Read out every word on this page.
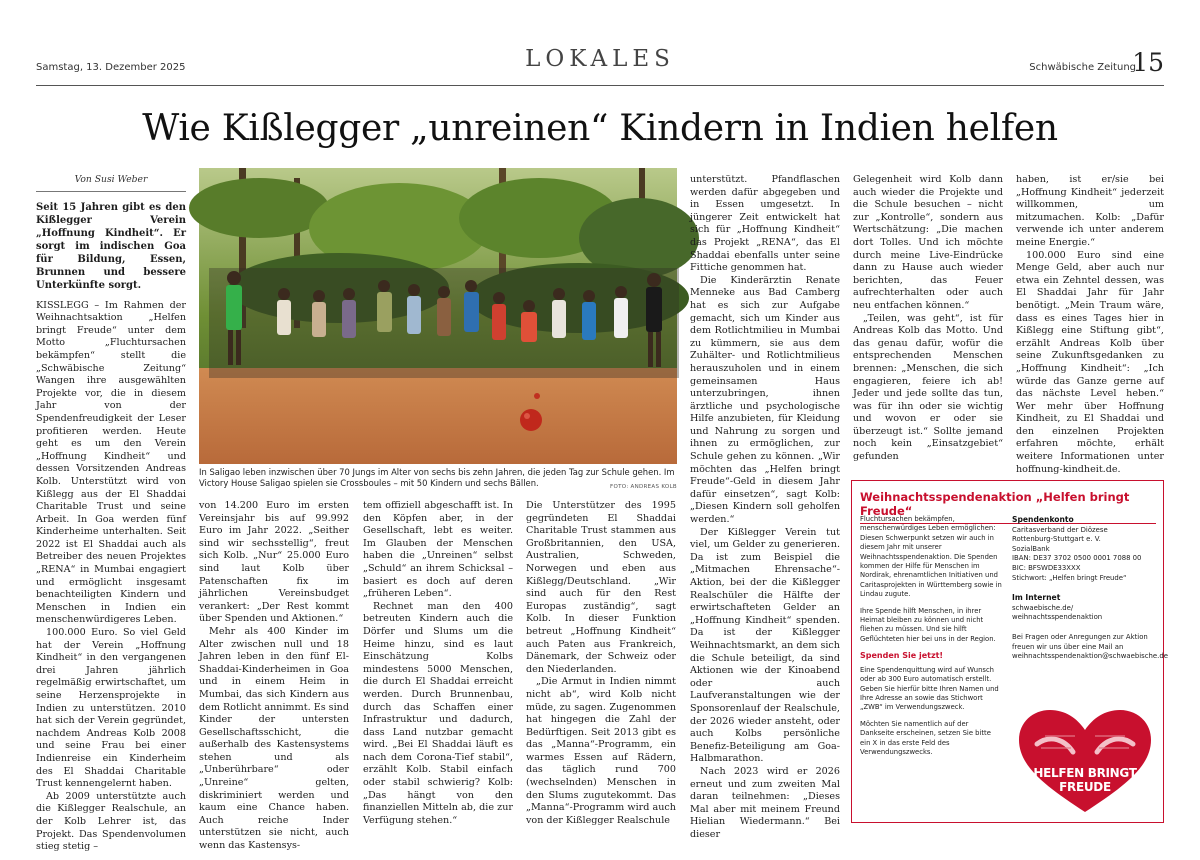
Samstag, 13. Dezember 2025	LOKALES	Schwäbische Zeitung
15
Wie Kißlegger „unreinen“ Kindern in Indien helfen
Von Susi Weber
Seit 15 Jahren gibt es den Kißlegger Verein „Hoffnung Kindheit“. Er sorgt im indischen Goa für Bildung, Essen, Brunnen und bessere Unterkünfte sorgt.

KISSLEGG – Im Rahmen der Weihnachtsaktion „Helfen bringt Freude“ unter dem Motto „Fluchtursachen bekämpfen“ stellt die „Schwäbische Zeitung“ Wangen ihre ausgewählten Projekte vor, die in diesem Jahr von der Spendenfreudigkeit der Leser profitieren werden. Heute geht es um den Verein „Hoffnung Kindheit“ und dessen Vorsitzenden Andreas Kolb. Unterstützt wird von Kißlegg aus der El Shaddai Charitable Trust und seine Arbeit. In Goa werden fünf Kinderheime unterhalten. Seit 2022 ist El Shaddai auch als Betreiber des neuen Projektes „RENA“ in Mumbai engagiert und ermöglicht insgesamt benachteiligten Kindern und Menschen in Indien ein menschenwürdigeres Leben.

100.000 Euro. So viel Geld hat der Verein „Hoffnung Kindheit“ in den vergangenen drei Jahren jährlich regelmäßig erwirtschaftet, um seine Herzensprojekte in Indien zu unterstützen. 2010 hat sich der Verein gegründet, nachdem Andreas Kolb 2008 und seine Frau bei einer Indienreise ein Kinderheim des El Shaddai Charitable Trust kennengelernt haben.

Ab 2009 unterstützte auch die Kißlegger Realschule, an der Kolb Lehrer ist, das Projekt. Das Spendenvolumen stieg stetig –

In Saligao leben inzwischen über 70 Jungs im Alter von sechs bis zehn Jahren, die jeden Tag zur Schule gehen. Im Victory House Saligao spielen sie Crossboules – mit 50 Kindern und sechs Bällen.	FOTO: ANDREAS KOLB

von 14.200 Euro im ersten Vereinsjahr bis auf 99.992 Euro im Jahr 2022. „Seither sind wir sechsstellig“, freut sich Kolb. „Nur“ 25.000 Euro sind laut Kolb über Patenschaften fix im jährlichen Vereinsbudget verankert: „Der Rest kommt über Spenden und Aktionen.“

Mehr als 400 Kinder im Alter zwischen null und 18 Jahren leben in den fünf El-Shaddai-Kinderheimen in Goa und in einem Heim in Mumbai, das sich Kindern aus dem Rotlicht annimmt. Es sind Kinder der untersten Gesellschaftsschicht, die außerhalb des Kastensystems stehen und als „Unberührbare“ oder „Unreine“ gelten, diskriminiert werden und kaum eine Chance haben. Auch reiche Inder unterstützen sie nicht, auch wenn das Kastensys-

tem offiziell abgeschafft ist. In den Köpfen aber, in der Gesellschaft, lebt es weiter. Im Glauben der Menschen haben die „Unreinen“ selbst „Schuld“ an ihrem Schicksal – basiert es doch auf deren „früheren Leben“.

Rechnet man den 400 betreuten Kindern auch die Dörfer und Slums um die Heime hinzu, sind es laut Einschätzung Kolbs mindestens 5000 Menschen, die durch El Shaddai erreicht werden. Durch Brunnenbau, durch das Schaffen einer Infrastruktur und dadurch, dass Land nutzbar gemacht wird. „Bei El Shaddai läuft es nach dem Corona-Tief stabil“, erzählt Kolb. Stabil einfach oder stabil schwierig? Kolb: „Das hängt von den finanziellen Mitteln ab, die zur Verfügung stehen.“

Die Unterstützer des 1995 gegründeten El Shaddai Charitable Trust stammen aus Großbritannien, den USA, Australien, Schweden, Norwegen und eben aus Kißlegg/Deutschland. „Wir sind auch für den Rest Europas zuständig“, sagt Kolb. In dieser Funktion betreut „Hoffnung Kindheit“ auch Paten aus Frankreich, Dänemark, der Schweiz oder den Niederlanden.

„Die Armut in Indien nimmt nicht ab“, wird Kolb nicht müde, zu sagen. Zugenommen hat hingegen die Zahl der Bedürftigen. Seit 2013 gibt es das „Manna“-Programm, ein warmes Essen auf Rädern, das täglich rund 700 (wechselnden) Menschen in den Slums zugutekommt. Das „Manna“-Programm wird auch von der Kißlegger Realschule

unterstützt. Pfandflaschen werden dafür abgegeben und in Essen umgesetzt. In jüngerer Zeit entwickelt hat sich für „Hoffnung Kindheit“ das Projekt „RENA“, das El Shaddai ebenfalls unter seine Fittiche genommen hat.

Die Kinderärztin Renate Menneke aus Bad Camberg hat es sich zur Aufgabe gemacht, sich um Kinder aus dem Rotlichtmilieu in Mumbai zu kümmern, sie aus dem Zuhälter- und Rotlichtmilieus herauszuholen und in einem gemeinsamen Haus unterzubringen, ihnen ärztliche und psychologische Hilfe anzubieten, für Kleidung und Nahrung zu sorgen und ihnen zu ermöglichen, zur Schule gehen zu können. „Wir möchten das „Helfen bringt Freude“-Geld in diesem Jahr dafür einsetzen“, sagt Kolb: „Diesen Kindern soll geholfen werden.“

Der Kißlegger Verein tut viel, um Gelder zu generieren. Da ist zum Beispiel die „Mitmachen Ehrensache“-Aktion, bei der die Kißlegger Realschüler die Hälfte der erwirtschafteten Gelder an „Hoffnung Kindheit“ spenden. Da ist der Kißlegger Weihnachtsmarkt, an dem sich die Schule beteiligt, da sind Aktionen wie der Kinoabend oder auch Laufveranstaltungen wie der Sponsorenlauf der Realschule, der 2026 wieder ansteht, oder auch Kolbs persönliche Benefiz-Beteiligung am Goa-Halbmarathon.

Nach 2023 wird er 2026 erneut und zum zweiten Mal daran teilnehmen: „Dieses Mal aber mit meinem Freund Hielian Wiedermann.“ Bei dieser

Gelegenheit wird Kolb dann auch wieder die Projekte und die Schule besuchen – nicht zur „Kontrolle“, sondern aus Wertschätzung: „Die machen dort Tolles. Und ich möchte durch meine Live-Eindrücke dann zu Hause auch wieder berichten, das Feuer aufrechterhalten oder auch neu entfachen können.“

„Teilen, was geht“, ist für Andreas Kolb das Motto. Und das genau dafür, wofür die entsprechenden Menschen brennen: „Menschen, die sich engagieren, feiere ich ab! Jeder und jede sollte das tun, was für ihn oder sie wichtig und wovon er oder sie überzeugt ist.“ Sollte jemand noch kein „Einsatzgebiet“ gefunden

haben, ist er/sie bei „Hoffnung Kindheit“ jederzeit willkommen, um mitzumachen. Kolb: „Dafür verwende ich unter anderem meine Energie.“

100.000 Euro sind eine Menge Geld, aber auch nur etwa ein Zehntel dessen, was El Shaddai Jahr für Jahr benötigt. „Mein Traum wäre, dass es eines Tages hier in Kißlegg eine Stiftung gibt“, erzählt Andreas Kolb über seine Zukunftsgedanken zu „Hoffnung Kindheit“: „Ich würde das Ganze gerne auf das nächste Level heben.“ Wer mehr über Hoffnung Kindheit, zu El Shaddai und den einzelnen Projekten erfahren möchte, erhält weitere Informationen unter hoffnung-kindheit.de.

Weihnachtsspendenaktion „Helfen bringt Freude“

Fluchtursachen bekämpfen, menschenwürdiges Leben ermöglichen: Diesen Schwerpunkt setzen wir auch in diesem Jahr mit unserer Weihnachtsspendenaktion. Die Spenden kommen der Hilfe für Menschen im Nordirak, ehrenamtlichen Initiativen und Caritasprojekten in Württemberg sowie in Lindau zugute.

Ihre Spende hilft Menschen, in ihrer Heimat bleiben zu können und nicht fliehen zu müssen. Und sie hilft Geflüchteten hier bei uns in der Region.

Spenden Sie jetzt!

Eine Spendenquittung wird auf Wunsch oder ab 300 Euro automatisch erstellt. Geben Sie hierfür bitte Ihren Namen und Ihre Adresse an sowie das Stichwort „ZWB“ im Verwendungszweck.

Möchten Sie namentlich auf der Dankseite erscheinen, setzen Sie bitte ein X in das erste Feld des Verwendungszwecks.

Spendenkonto
Caritasverband der Diözese
Rottenburg-Stuttgart e. V.
SozialBank
IBAN: DE37 3702 0500 0001 7088 00
BIC: BFSWDE33XXX
Stichwort: „Helfen bringt Freude“
Im Internet
schwaebische.de/
weihnachtsspendenaktion
Bei Fragen oder Anregungen zur Aktion freuen wir uns über eine Mail an weihnachtsspendenaktion@schwaebische.de
HELFEN BRINGT FREUDE
